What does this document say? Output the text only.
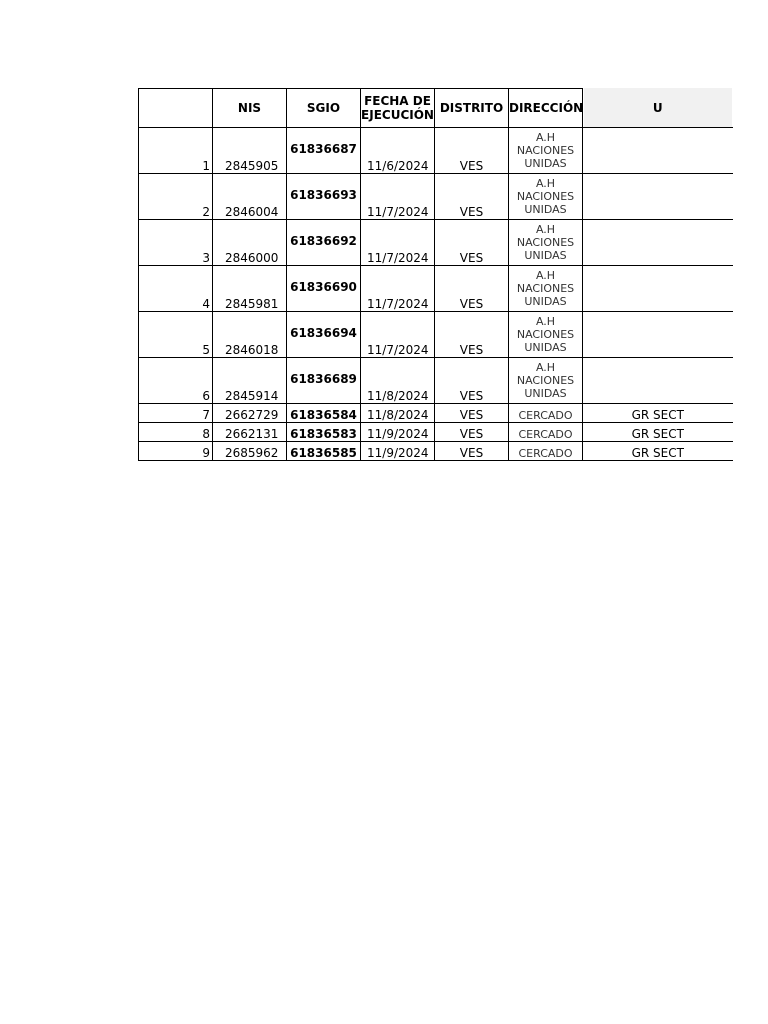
	NIS	SGIO	FECHA DE
EJECUCIÓN	DISTRITO	DIRECCIÓN	U
1	2845905	61836687	11/6/2024	VES	A.H
NACIONES
UNIDAS	
2	2846004	61836693	11/7/2024	VES	A.H
NACIONES
UNIDAS	
3	2846000	61836692	11/7/2024	VES	A.H
NACIONES
UNIDAS	
4	2845981	61836690	11/7/2024	VES	A.H
NACIONES
UNIDAS	
5	2846018	61836694	11/7/2024	VES	A.H
NACIONES
UNIDAS	
6	2845914	61836689	11/8/2024	VES	A.H
NACIONES
UNIDAS	
7	2662729	61836584	11/8/2024	VES	CERCADO	GR SECT
8	2662131	61836583	11/9/2024	VES	CERCADO	GR SECT
9	2685962	61836585	11/9/2024	VES	CERCADO	GR SECT
